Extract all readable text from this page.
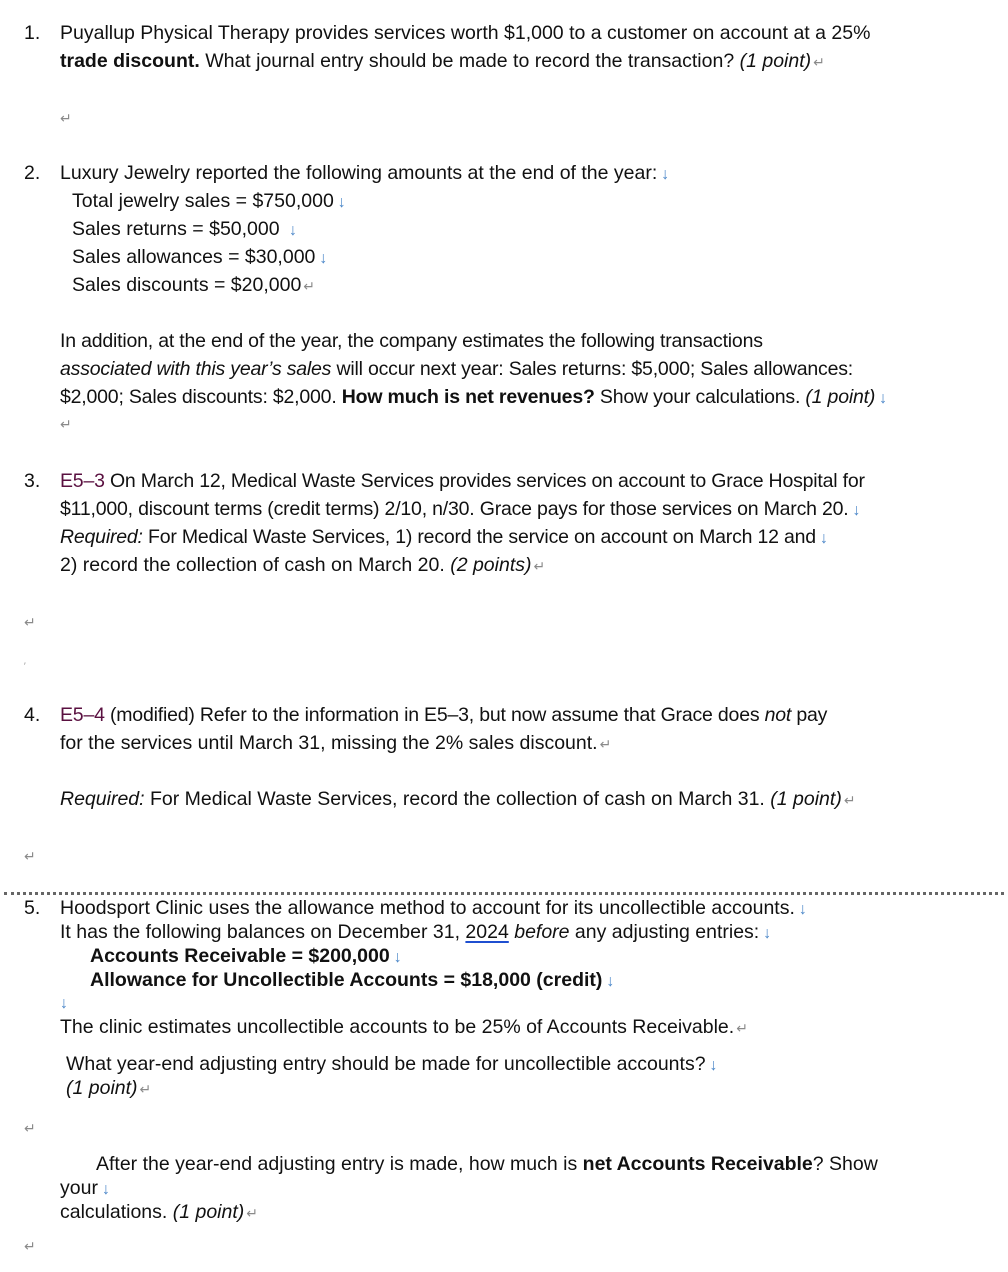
1. Puyallup Physical Therapy provides services worth $1,000 to a customer on account at a 25%
trade discount. What journal entry should be made to record the transaction? (1 point) ↵
↵
2. Luxury Jewelry reported the following amounts at the end of the year: ↓
Total jewelry sales = $750,000 ↓
Sales returns = $50,000 ↓
Sales allowances = $30,000 ↓
Sales discounts = $20,000 ↵
In addition, at the end of the year, the company estimates the following transactions
associated with this year’s sales will occur next year: Sales returns: $5,000; Sales allowances:
$2,000; Sales discounts: $2,000. How much is net revenues? Show your calculations. (1 point) ↓
↵
3. E5–3 On March 12, Medical Waste Services provides services on account to Grace Hospital for
$11,000, discount terms (credit terms) 2/10, n/30. Grace pays for those services on March 20. ↓
Required: For Medical Waste Services, 1) record the service on account on March 12 and ↓
2) record the collection of cash on March 20. (2 points) ↵
↵
′
4. E5–4 (modified) Refer to the information in E5–3, but now assume that Grace does not pay
for the services until March 31, missing the 2% sales discount. ↵
Required: For Medical Waste Services, record the collection of cash on March 31. (1 point) ↵
↵
5. Hoodsport Clinic uses the allowance method to account for its uncollectible accounts. ↓
It has the following balances on December 31, 2024 before any adjusting entries: ↓
Accounts Receivable = $200,000 ↓
Allowance for Uncollectible Accounts = $18,000 (credit) ↓
↓
The clinic estimates uncollectible accounts to be 25% of Accounts Receivable. ↵
What year-end adjusting entry should be made for uncollectible accounts? ↓
(1 point) ↵
↵
After the year-end adjusting entry is made, how much is net Accounts Receivable? Show
your ↓
calculations. (1 point) ↵
↵
